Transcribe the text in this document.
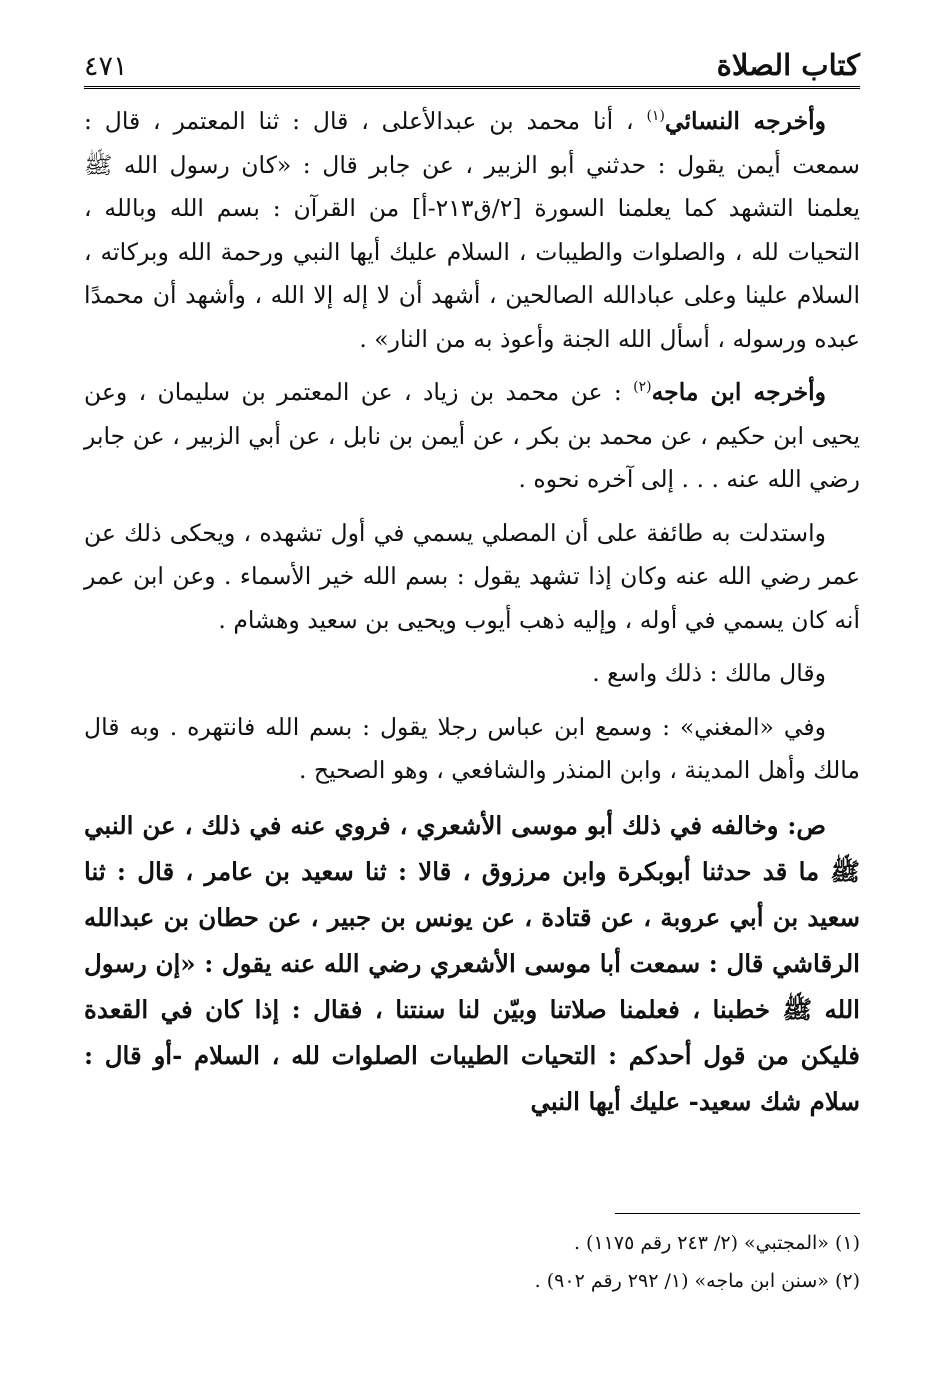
كتاب الصلاة
٤٧١

وأخرجه النسائي$^{(١)}$ ، أنا محمد بن عبدالأعلى ، قال : ثنا المعتمر ، قال : سمعت أيمن يقول : حدثني أبو الزبير ، عن جابر قال : «كان رسول الله ﷺ يعلمنا التشهد كما يعلمنا السورة [٢/ق٢١٣-أ] من القرآن : بسم الله وبالله ، التحيات لله ، والصلوات والطيبات ، السلام عليك أيها النبي ورحمة الله وبركاته ، السلام علينا وعلى عبادالله الصالحين ، أشهد أن لا إله إلا الله ، وأشهد أن محمدًا عبده ورسوله ، أسأل الله الجنة وأعوذ به من النار» .

وأخرجه ابن ماجه$^{(٢)}$ : عن محمد بن زياد ، عن المعتمر بن سليمان ، وعن يحيى ابن حكيم ، عن محمد بن بكر ، عن أيمن بن نابل ، عن أبي الزبير ، عن جابر رضي الله عنه . . . إلى آخره نحوه .

واستدلت به طائفة على أن المصلي يسمي في أول تشهده ، ويحكى ذلك عن عمر رضي الله عنه وكان إذا تشهد يقول : بسم الله خير الأسماء . وعن ابن عمر أنه كان يسمي في أوله ، وإليه ذهب أيوب ويحيى بن سعيد وهشام .

وقال مالك : ذلك واسع .

وفي «المغني» : وسمع ابن عباس رجلا يقول : بسم الله فانتهره . وبه قال مالك وأهل المدينة ، وابن المنذر والشافعي ، وهو الصحيح .

ص: وخالفه في ذلك أبو موسى الأشعري ، فروي عنه في ذلك ، عن النبي ﷺ ما قد حدثنا أبوبكرة وابن مرزوق ، قالا : ثنا سعيد بن عامر ، قال : ثنا سعيد بن أبي عروبة ، عن قتادة ، عن يونس بن جبير ، عن حطان بن عبدالله الرقاشي قال : سمعت أبا موسى الأشعري رضي الله عنه يقول : «إن رسول الله ﷺ خطبنا ، فعلمنا صلاتنا وبيّن لنا سنتنا ، فقال : إذا كان في القعدة فليكن من قول أحدكم : التحيات الطيبات الصلوات لله ، السلام -أو قال : سلام شك سعيد- عليك أيها النبي

(١) «المجتبي» (٢/ ٢٤٣ رقم ١١٧٥) .

(٢) «سنن ابن ماجه» (١/ ٢٩٢ رقم ٩٠٢) .
